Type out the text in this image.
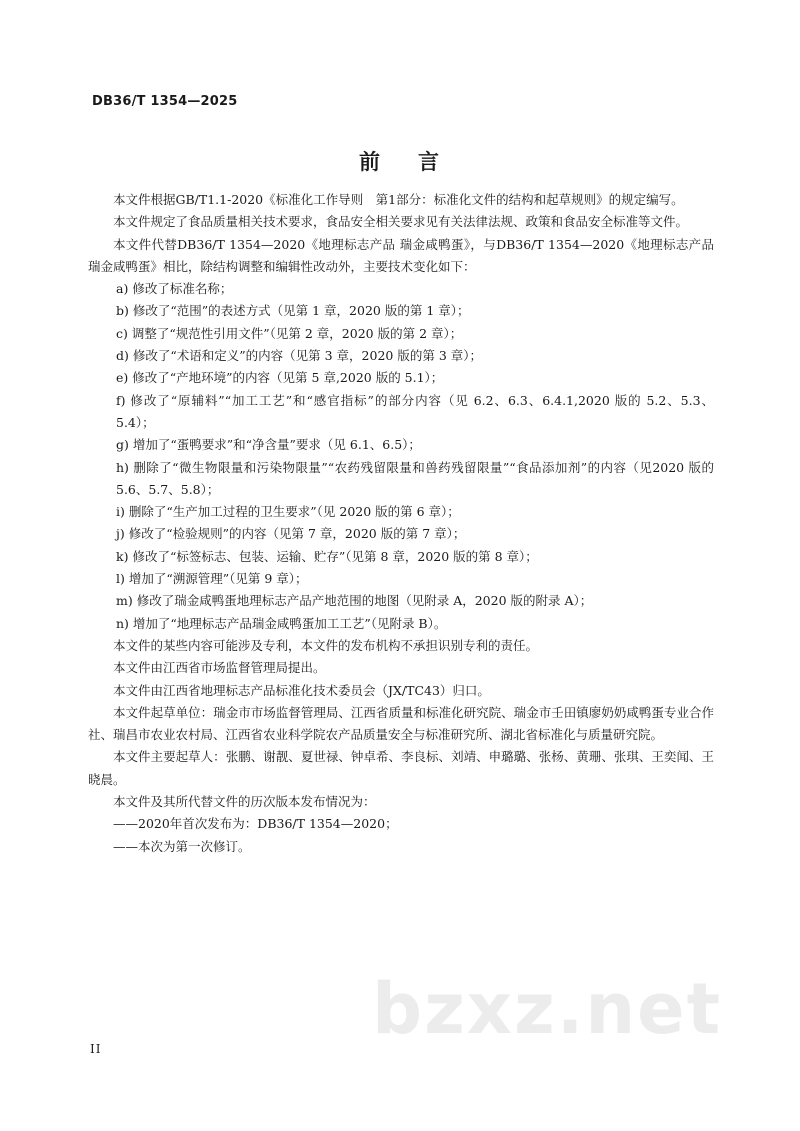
DB36/T 1354—2025
前 言

本文件根据GB/T1.1-2020《标准化工作导则　第1部分：标准化文件的结构和起草规则》的规定编写。

本文件规定了食品质量相关技术要求，食品安全相关要求见有关法律法规、政策和食品安全标准等文件。

本文件代替DB36/T 1354—2020《地理标志产品 瑞金咸鸭蛋》，与DB36/T 1354—2020《地理标志产品 瑞金咸鸭蛋》相比，除结构调整和编辑性改动外，主要技术变化如下：

a) 修改了标准名称；

b) 修改了“范围”的表述方式（见第 1 章，2020 版的第 1 章）；

c) 调整了“规范性引用文件”（见第 2 章，2020 版的第 2 章）；

d) 修改了“术语和定义”的内容（见第 3 章，2020 版的第 3 章）；

e) 修改了“产地环境”的内容（见第 5 章,2020 版的 5.1）；

f) 修改了“原辅料”“加工工艺”和“感官指标”的部分内容（见 6.2、6.3、6.4.1,2020 版的 5.2、5.3、5.4）；

g) 增加了“蛋鸭要求”和“净含量”要求（见 6.1、6.5）；

h) 删除了“微生物限量和污染物限量”“农药残留限量和兽药残留限量”“食品添加剂”的内容（见2020 版的 5.6、5.7、5.8）；

i) 删除了“生产加工过程的卫生要求”（见 2020 版的第 6 章）；

j) 修改了“检验规则”的内容（见第 7 章，2020 版的第 7 章）；

k) 修改了“标签标志、包装、运输、贮存”（见第 8 章，2020 版的第 8 章）；

l) 增加了“溯源管理”（见第 9 章）；

m) 修改了瑞金咸鸭蛋地理标志产品产地范围的地图（见附录 A，2020 版的附录 A）；

n) 增加了“地理标志产品瑞金咸鸭蛋加工工艺”（见附录 B）。

本文件的某些内容可能涉及专利，本文件的发布机构不承担识别专利的责任。

本文件由江西省市场监督管理局提出。

本文件由江西省地理标志产品标准化技术委员会（JX/TC43）归口。

本文件起草单位：瑞金市市场监督管理局、江西省质量和标准化研究院、瑞金市壬田镇廖奶奶咸鸭蛋专业合作社、瑞昌市农业农村局、江西省农业科学院农产品质量安全与标准研究所、湖北省标准化与质量研究院。

本文件主要起草人：张鹏、谢靓、夏世禄、钟卓希、李良标、刘靖、申璐璐、张杨、黄珊、张琪、王奕闻、王晓晨。

本文件及其所代替文件的历次版本发布情况为：

——2020年首次发布为：DB36/T 1354—2020；

——本次为第一次修订。

bzxz.net
II
